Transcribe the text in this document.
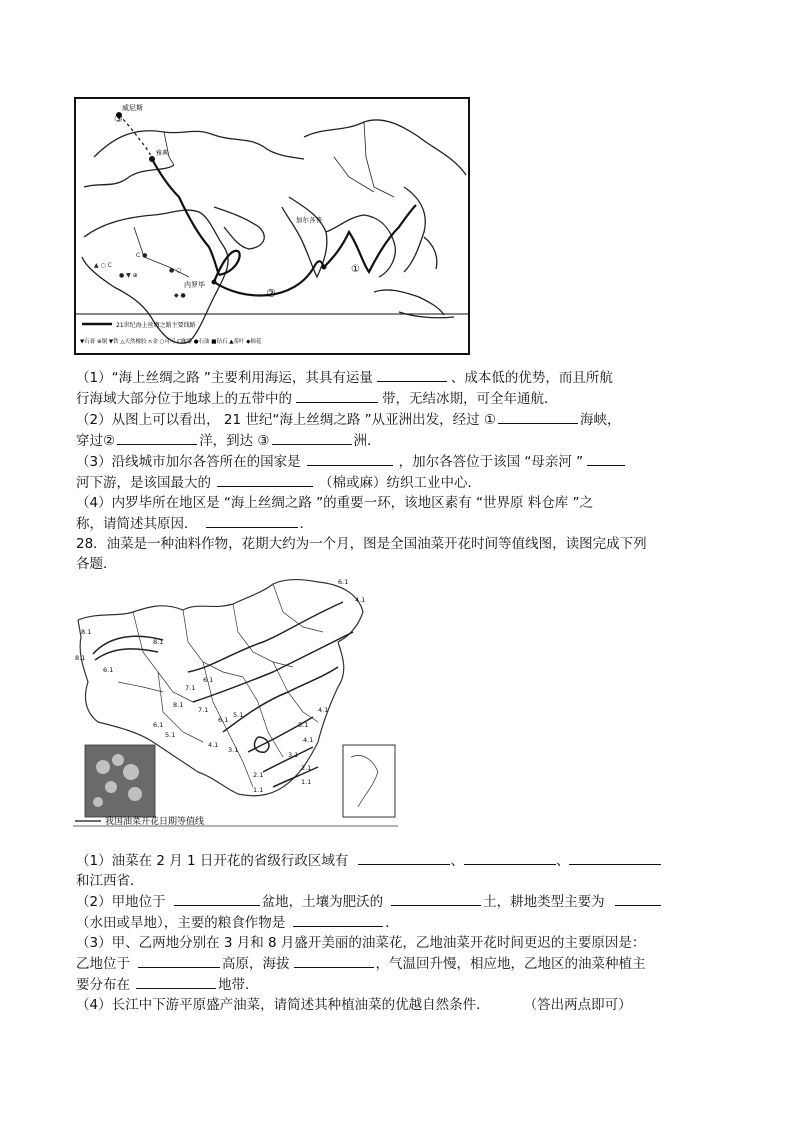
威尼斯
雅典
加尔各答
内罗毕
③
②
①
▲ ○ C
● ▼ ⊕
C ●
● ○
◆ ●
21世纪海上丝绸之路主要线路
▼石膏 ⊕铜 ▼铁 △天然橡胶 ∩金 ○可可 C咖啡 ●石油 ■钻石 ▲茶叶 ◆棉花
（1）“海上丝绸之路 ”主要利用海运，其具有运量	、成本低的优势，而且所航
行海域大部分位于地球上的五带中的	带，无结冰期，可全年通航．
（2）从图上可以看出， 21 世纪“海上丝绸之路 ”从亚洲出发，经过 ①	海峡，
穿过②	洋，到达 ③	洲．
（3）沿线城市加尔各答所在的国家是	，加尔各答位于该国 “母亲河 ”
河下游，是该国最大的	（棉或麻）纺织工业中心．
（4）内罗毕所在地区是 “海上丝绸之路 ”的重要一环，该地区素有 “世界原 料仓库 ”之
称，请简述其原因．	．
28．油菜是一种油料作物，花期大约为一个月，图是全国油菜开花时间等值线图，读图完成下列
各题．
8.1
8.1
6.1
8.1
7.1
6.1
4.1
6.1
8.1
7.1
6.1
5.1
4.1
5.1
4.1
3.1
2.1
1.1
6.1
5.1
4.1
3.1
2.1
1.1
我国油菜开花日期等值线
（1）油菜在 2 月 1 日开花的省级行政区域有	、	、
和江西省．
（2）甲地位于	盆地，土壤为肥沃的	土，耕地类型主要为
（水田或旱地），主要的粮食作物是	．
（3）甲、乙两地分别在 3 月和 8 月盛开美丽的油菜花，乙地油菜开花时间更迟的主要原因是：
乙地位于	高原，海拔	，气温回升慢，相应地，乙地区的油菜种植主
要分布在	地带．
（4）长江中下游平原盛产油菜，请简述其种植油菜的优越自然条件．	（答出两点即可）
